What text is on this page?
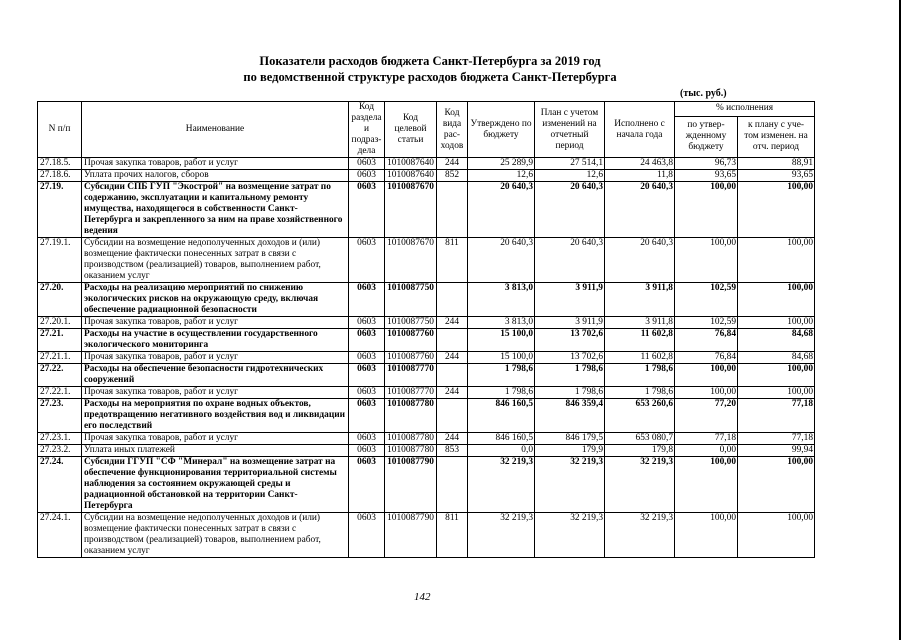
Показатели расходов бюджета Санкт-Петербурга за 2019 год
по ведомственной структуре расходов бюджета Санкт-Петербурга
(тыс. руб.)
N п/п	Наименование	Код раздела и подраз- дела	Код целевой статьи	Код вида рас- ходов	Утверждено по бюджету	План с учетом изменений на отчетный период	Исполнено с начала года	% исполнения	
								по утвер- жденному бюджету	к плану с уче- том изменен. на отч. период
27.18.5.	Прочая закупка товаров, работ и услуг	0603	1010087640	244	25 289,9	27 514,1	24 463,8	96,73	88,91
27.18.6.	Уплата прочих налогов, сборов	0603	1010087640	852	12,6	12,6	11,8	93,65	93,65
27.19.	Субсидии СПБ ГУП "Экострой" на возмещение затрат по содержанию, эксплуатации и капитальному ремонту имущества, находящегося в собственности Санкт-Петербурга и закрепленного за ним на праве хозяйственного ведения	0603	1010087670		20 640,3	20 640,3	20 640,3	100,00	100,00
27.19.1.	Субсидии на возмещение недополученных доходов и (или) возмещение фактически понесенных затрат в связи с производством (реализацией) товаров, выполнением работ, оказанием услуг	0603	1010087670	811	20 640,3	20 640,3	20 640,3	100,00	100,00
27.20.	Расходы на реализацию мероприятий по снижению экологических рисков на окружающую среду, включая обеспечение радиационной безопасности	0603	1010087750		3 813,0	3 911,9	3 911,8	102,59	100,00
27.20.1.	Прочая закупка товаров, работ и услуг	0603	1010087750	244	3 813,0	3 911,9	3 911,8	102,59	100,00
27.21.	Расходы на участие в осуществлении государственного экологического мониторинга	0603	1010087760		15 100,0	13 702,6	11 602,8	76,84	84,68
27.21.1.	Прочая закупка товаров, работ и услуг	0603	1010087760	244	15 100,0	13 702,6	11 602,8	76,84	84,68
27.22.	Расходы на обеспечение безопасности гидротехнических сооружений	0603	1010087770		1 798,6	1 798,6	1 798,6	100,00	100,00
27.22.1.	Прочая закупка товаров, работ и услуг	0603	1010087770	244	1 798,6	1 798,6	1 798,6	100,00	100,00
27.23.	Расходы на мероприятия по охране водных объектов, предотвращению негативного воздействия вод и ликвидации его последствий	0603	1010087780		846 160,5	846 359,4	653 260,6	77,20	77,18
27.23.1.	Прочая закупка товаров, работ и услуг	0603	1010087780	244	846 160,5	846 179,5	653 080,7	77,18	77,18
27.23.2.	Уплата иных платежей	0603	1010087780	853	0,0	179,9	179,8	0,00	99,94
27.24.	Субсидии ГГУП "СФ "Минерал" на возмещение затрат на обеспечение функционирования территориальной системы наблюдения за состоянием окружающей среды и радиационной обстановкой на территории Санкт-Петербурга	0603	1010087790		32 219,3	32 219,3	32 219,3	100,00	100,00
27.24.1.	Субсидии на возмещение недополученных доходов и (или) возмещение фактически понесенных затрат в связи с производством (реализацией) товаров, выполнением работ, оказанием услуг	0603	1010087790	811	32 219,3	32 219,3	32 219,3	100,00	100,00
142
